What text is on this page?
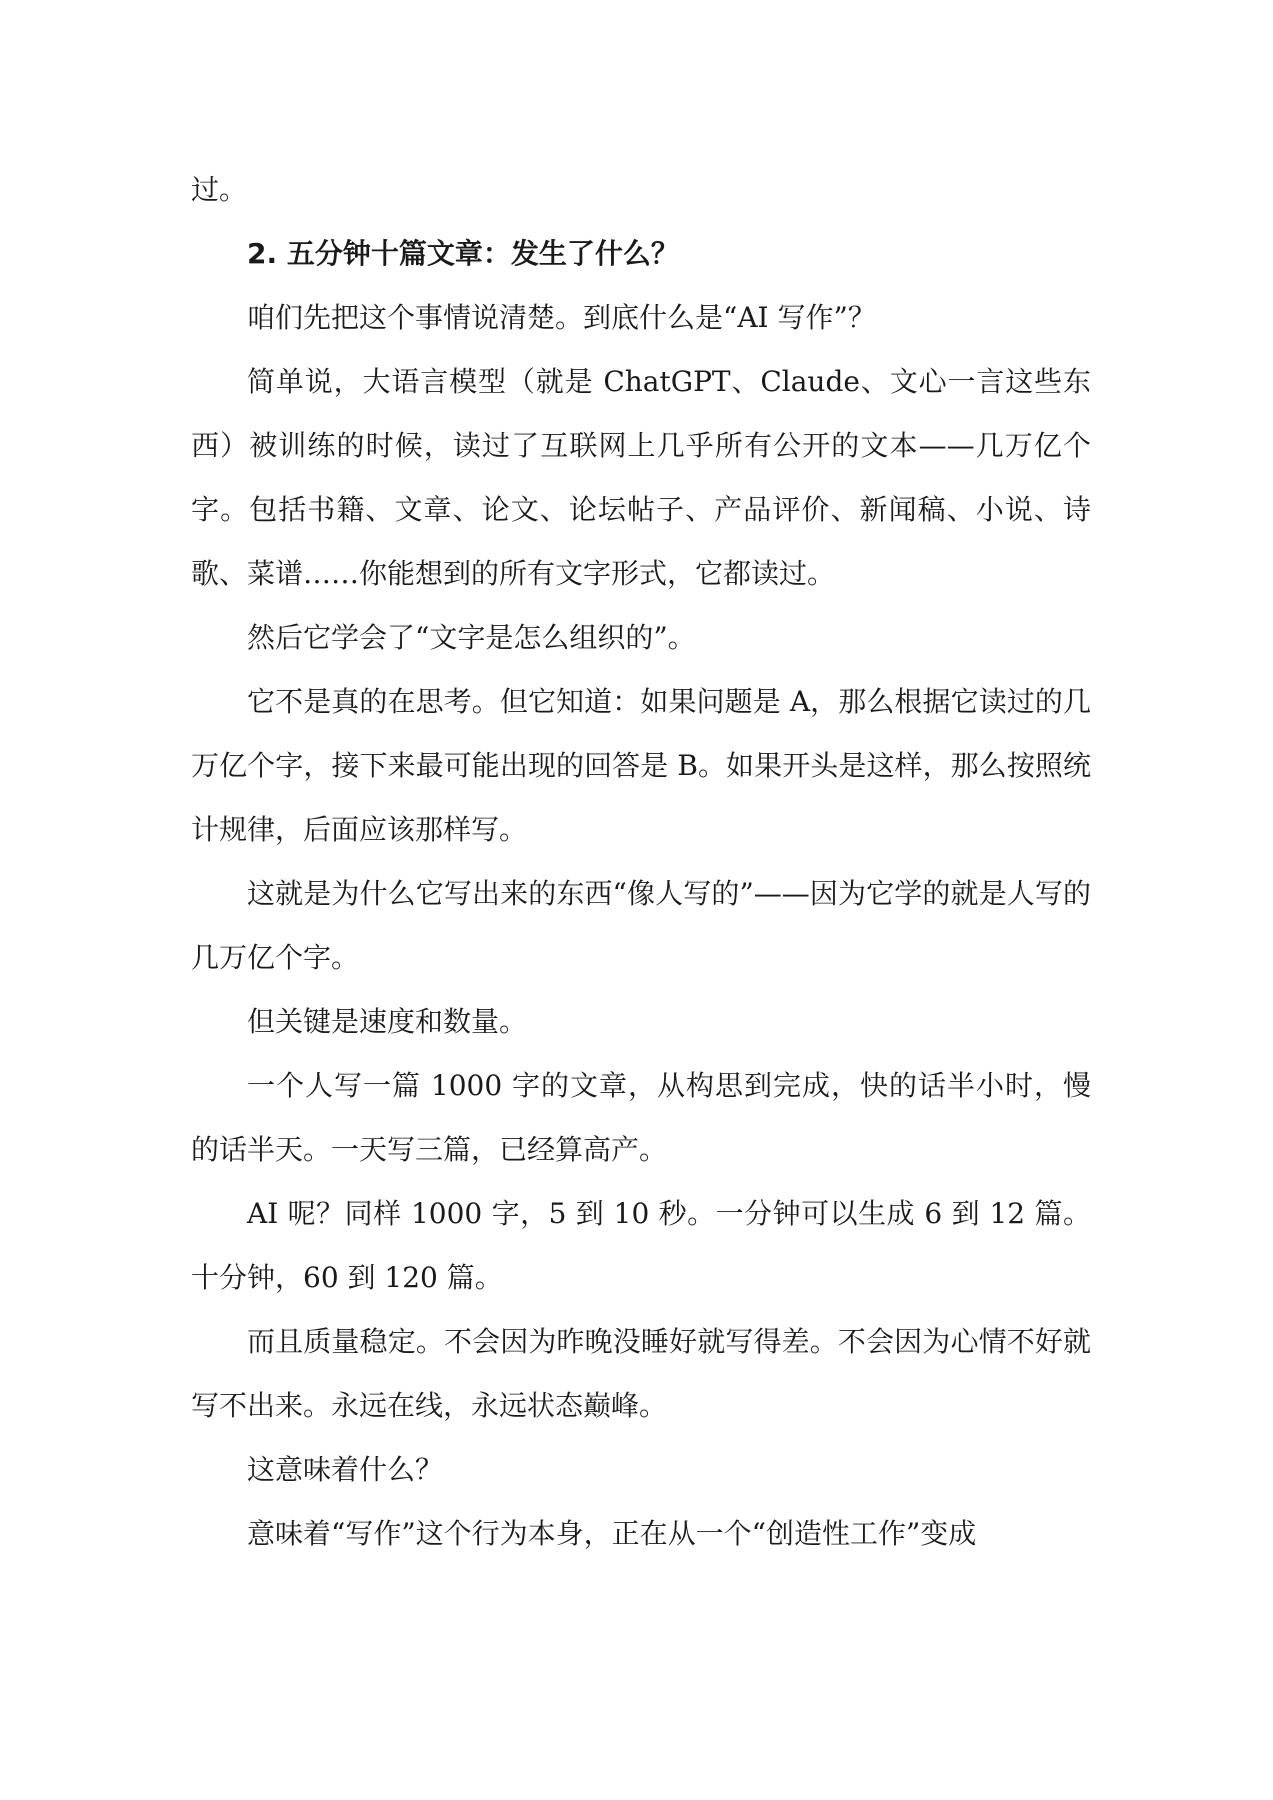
过。

2. 五分钟十篇文章：发生了什么？

咱们先把这个事情说清楚。到底什么是“AI 写作”？

简单说，大语言模型（就是 ChatGPT、Claude、文心一言这些东西）被训练的时候，读过了互联网上几乎所有公开的文本——几万亿个字。包括书籍、文章、论文、论坛帖子、产品评价、新闻稿、小说、诗歌、菜谱……你能想到的所有文字形式，它都读过。

然后它学会了“文字是怎么组织的”。

它不是真的在思考。但它知道：如果问题是 A，那么根据它读过的几万亿个字，接下来最可能出现的回答是 B。如果开头是这样，那么按照统计规律，后面应该那样写。

这就是为什么它写出来的东西“像人写的”——因为它学的就是人写的几万亿个字。

但关键是速度和数量。

一个人写一篇 1000 字的文章，从构思到完成，快的话半小时，慢的话半天。一天写三篇，已经算高产。

AI 呢？同样 1000 字，5 到 10 秒。一分钟可以生成 6 到 12 篇。十分钟，60 到 120 篇。

而且质量稳定。不会因为昨晚没睡好就写得差。不会因为心情不好就写不出来。永远在线，永远状态巅峰。

这意味着什么？

意味着“写作”这个行为本身，正在从一个“创造性工作”变成
